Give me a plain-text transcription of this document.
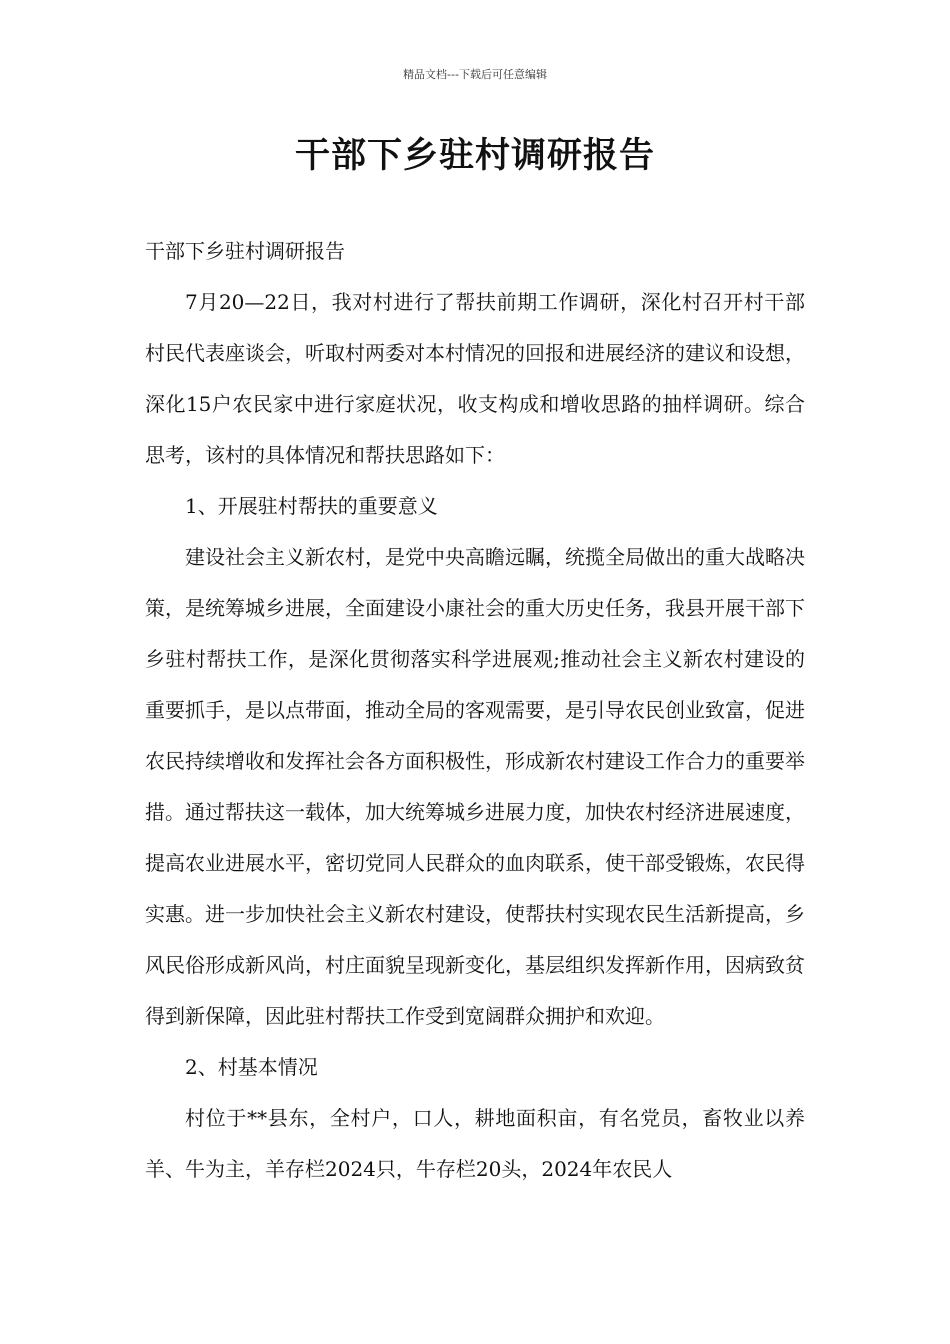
精品文档---下载后可任意编辑
干部下乡驻村调研报告

干部下乡驻村调研报告

7月20—22日，我对村进行了帮扶前期工作调研，深化村召开村干部村民代表座谈会，听取村两委对本村情况的回报和进展经济的建议和设想，深化15户农民家中进行家庭状况，收支构成和增收思路的抽样调研。综合思考，该村的具体情况和帮扶思路如下：

1、开展驻村帮扶的重要意义

建设社会主义新农村，是党中央高瞻远瞩，统揽全局做出的重大战略决策，是统筹城乡进展，全面建设小康社会的重大历史任务，我县开展干部下乡驻村帮扶工作，是深化贯彻落实科学进展观;推动社会主义新农村建设的重要抓手，是以点带面，推动全局的客观需要，是引导农民创业致富，促进农民持续增收和发挥社会各方面积极性，形成新农村建设工作合力的重要举措。通过帮扶这一载体，加大统筹城乡进展力度，加快农村经济进展速度，提高农业进展水平，密切党同人民群众的血肉联系，使干部受锻炼，农民得实惠。进一步加快社会主义新农村建设，使帮扶村实现农民生活新提高，乡风民俗形成新风尚，村庄面貌呈现新变化，基层组织发挥新作用，因病致贫得到新保障，因此驻村帮扶工作受到宽阔群众拥护和欢迎。

2、村基本情况

村位于**县东，全村户，口人，耕地面积亩，有名党员，畜牧业以养羊、牛为主，羊存栏2024只，牛存栏20头，2024年农民人
